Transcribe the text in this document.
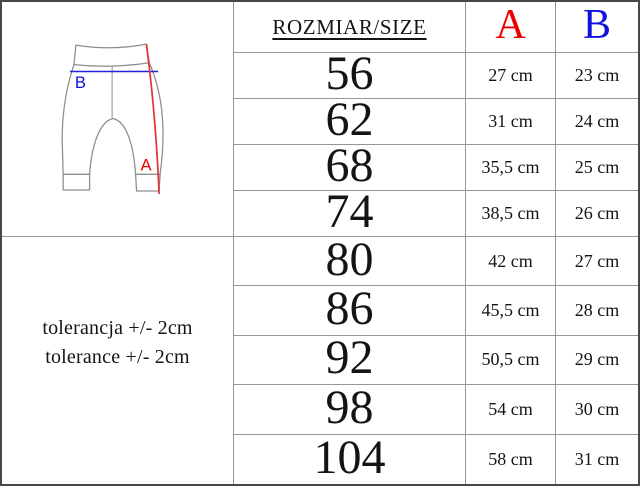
B
A
tolerancja +/- 2cm
tolerance +/- 2cm
ROZMIAR/SIZE	A	B
56	27 cm	23 cm
62	31 cm	24 cm
68	35,5 cm	25 cm
74	38,5 cm	26 cm
80	42 cm	27 cm
86	45,5 cm	28 cm
92	50,5 cm	29 cm
98	54 cm	30 cm
104	58 cm	31 cm
